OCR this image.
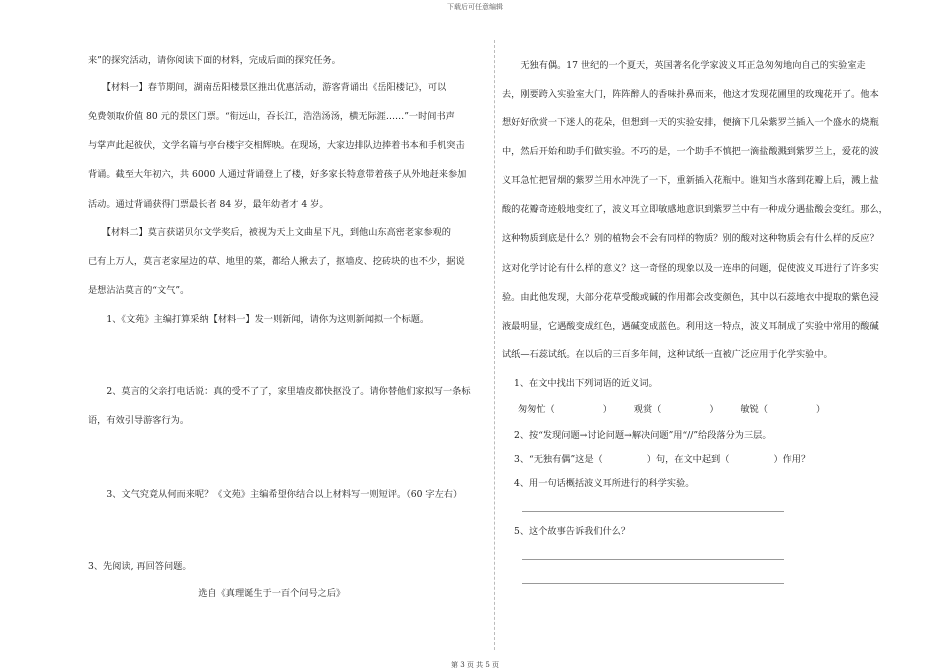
下载后可任意编辑
来”的探究活动，请你阅读下面的材料，完成后面的探究任务。
　　【材料一】春节期间，湖南岳阳楼景区推出优惠活动，游客背诵出《岳阳楼记》，可以
免费领取价值 80 元的景区门票。“衔远山，吞长江，浩浩汤汤，横无际涯……”一时间书声
与掌声此起彼伏，文学名篇与亭台楼宇交相辉映。在现场，大家边排队边捧着书本和手机突击
背诵。截至大年初六，共 6000 人通过背诵登上了楼，好多家长特意带着孩子从外地赶来参加
活动。通过背诵获得门票最长者 84 岁，最年幼者才 4 岁。
　　【材料二】莫言获诺贝尔文学奖后，被视为天上文曲星下凡，到他山东高密老家参观的
已有上万人，莫言老家屋边的草、地里的菜，都给人揪去了，抠墙皮、挖砖块的也不少，据说
是想沾沾莫言的“文气”。
　　1、《文苑》主编打算采纳【材料一】发一则新闻，请你为这则新闻拟一个标题。
　　2、莫言的父亲打电话说：真的受不了了，家里墙皮都快抠没了。请你替他们家拟写一条标
语，有效引导游客行为。
　　3、文气究竟从何而来呢？《文苑》主编希望你结合以上材料写一则短评。（60 字左右）
3、先阅读, 再回答问题。
　　　　　　　　　　　　选自《真理诞生于一百个问号之后》
　　无独有偶。17 世纪的一个夏天，英国著名化学家波义耳正急匆匆地向自己的实验室走
去，刚要跨入实验室大门，阵阵醉人的香味扑鼻而来，他这才发现花圃里的玫瑰花开了。他本
想好好欣赏一下迷人的花朵，但想到一天的实验安排，便摘下几朵紫罗兰插入一个盛水的烧瓶
中，然后开始和助手们做实验。不巧的是，一个助手不慎把一滴盐酸溅到紫罗兰上，爱花的波
义耳急忙把冒烟的紫罗兰用水冲洗了一下，重新插入花瓶中。谁知当水落到花瓣上后，溅上盐
酸的花瓣奇迹般地变红了，波义耳立即敏感地意识到紫罗兰中有一种成分遇盐酸会变红。那么，
这种物质到底是什么？别的植物会不会有同样的物质？别的酸对这种物质会有什么样的反应？
这对化学讨论有什么样的意义？这一奇怪的现象以及一连串的问题，促使波义耳进行了许多实
验。由此他发现，大部分花草受酸或碱的作用都会改变颜色，其中以石蕊地衣中提取的紫色浸
液最明显，它遇酸变成红色，遇碱变成蓝色。利用这一特点，波义耳制成了实验中常用的酸碱
试纸—石蕊试纸。在以后的三百多年间，这种试纸一直被广泛应用于化学实验中。
1、在文中找出下列词语的近义词。
匆匆忙（	） 观赏（	） 敏锐（	）
2、按“发现问题→讨论问题→解决问题”用“//”给段落分为三层。
3、“无独有偶”这是（	）句，在文中起到（	）作用？
4、用一句话概括波义耳所进行的科学实验。
5、这个故事告诉我们什么？
第 3 页 共 5 页
